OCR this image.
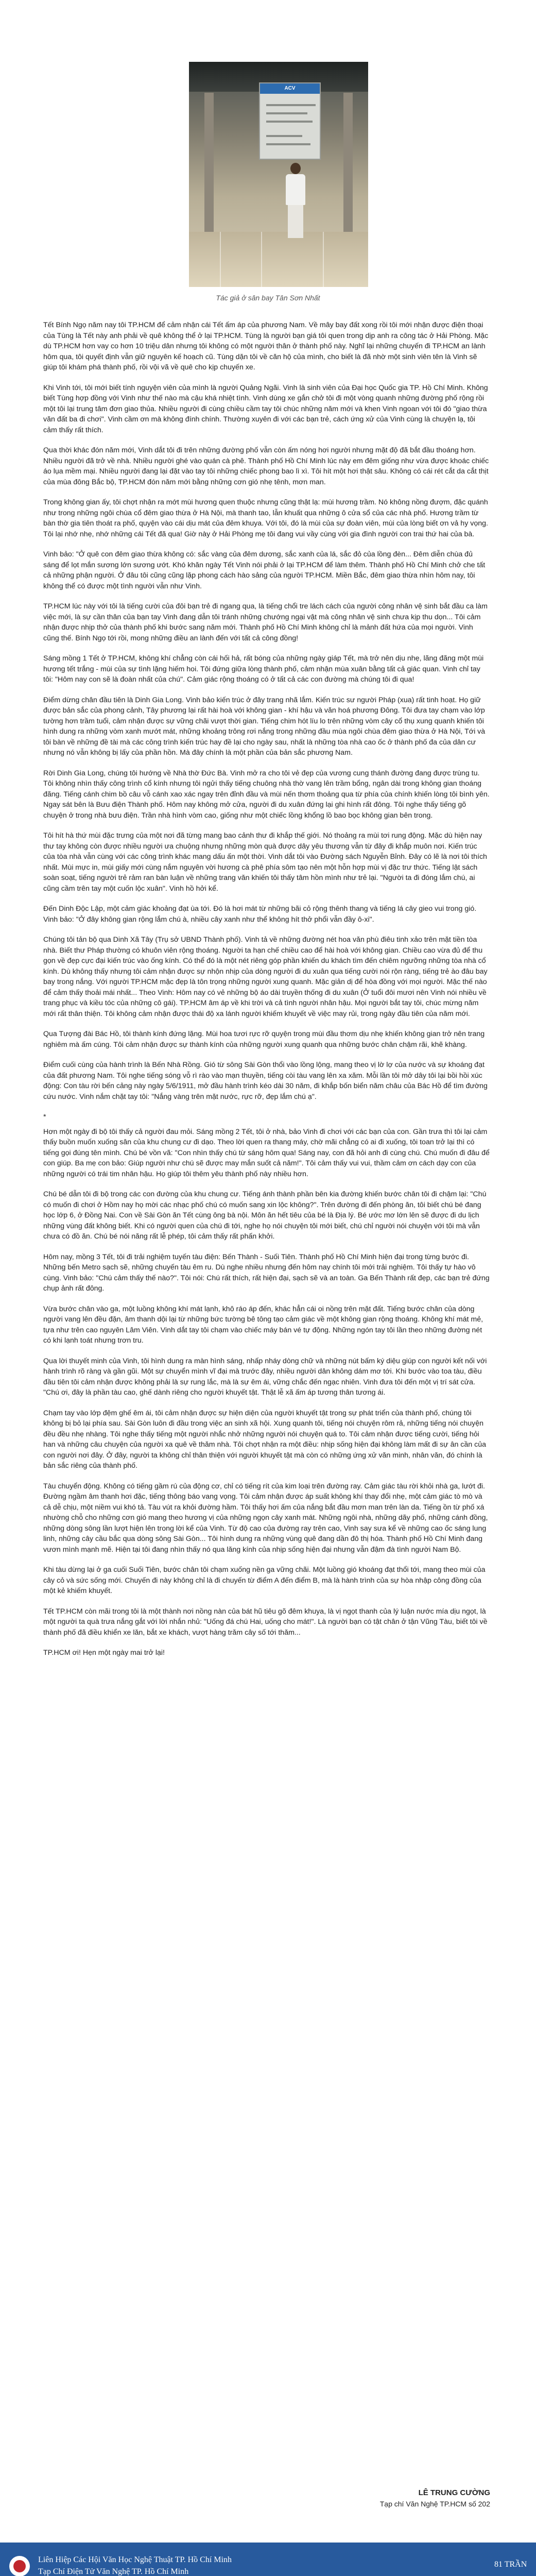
ACV
Tác giả ở sân bay Tân Sơn Nhất

Tết Bính Ngọ năm nay tôi TP.HCM để cảm nhận cái Tết ấm áp của phương Nam. Về mây bay đất xong rồi tôi mới nhận được điện thoại của Tùng là Tết này anh phải về quê không thể ở lại TP.HCM. Tùng là người bạn giá tôi quen trong dịp anh ra công tác ở Hải Phòng. Mặc dù TP.HCM hơn vay co hơn 10 triệu dân nhưng tôi không có một người thân ở thành phố này. Nghĩ lại những chuyến đi TP.HCM an lành hôm qua, tôi quyết định vẫn giữ nguyên kế hoạch cũ. Tùng dặn tôi về căn hộ của mình, cho biết là đã nhờ một sinh viên tên là Vinh sẽ giúp tôi khám phá thành phố, rồi vội vã về quê cho kịp chuyến xe.

Khi Vinh tới, tôi mới biết tính nguyện viên của mình là người Quảng Ngãi. Vinh là sinh viên của Đại học Quốc gia TP. Hồ Chí Minh. Không biết Tùng hợp đồng với Vinh như thế nào mà cậu khá nhiệt tình. Vinh dùng xe gắn chở tôi đi một vòng quanh những đường phố rộng rồi một tôi lại trung tâm đơn giao thủa. Nhiều người đi cùng chiều cầm tay tôi chúc những năm mới và khen Vinh ngoan với tôi đó "giao thừa văn đất ba đi chơi". Vinh cầm ơn mà không đính chính. Thường xuyên đi với các bạn trẻ, cách ứng xử của Vinh cùng là chuyện lạ, tôi cảm thấy rất thích.

Qua thời khác đón năm mới, Vinh dắt tôi đi trên những đường phố vẫn còn ấm nóng hơi người nhưng mặt độ đã bắt đầu thoáng hơn. Nhiều người đã trở về nhà. Nhiều người ghé vào quán cà phê. Thành phố Hồ Chí Minh lúc này em đêm giống như vừa được khoác chiếc áo lụa mềm mại. Nhiều người đang lại đặt vào tay tôi những chiếc phong bao lì xì. Tôi hít một hơi thật sâu. Không có cái rét cắt da cắt thịt của mùa đông Bắc bộ, TP.HCM đón năm mới bằng những cơn gió nhẹ tênh, mơn man.

Trong không gian ấy, tôi chợt nhận ra mớt mùi hương quen thuộc nhưng cũng thật lạ: mùi hương trầm. Nó không nồng đượm, đặc quánh như trong những ngôi chùa cổ đêm giao thừa ở Hà Nội, mà thanh tao, lẫn khuất qua những ô cửa sổ của các nhà phố. Hương trầm từ bàn thờ gia tiên thoát ra phố, quyện vào cái dịu mát của đêm khuya. Với tôi, đó là mùi của sự đoàn viên, mùi của lòng biết ơn vả hy vọng. Tôi lại nhớ nhẹ, nhớ những cái Tết đã qua! Giờ này ở Hải Phòng mẹ tôi đang vui vầy cùng với gia đình người con trai thứ hai của bà.

Vinh bảo: "Ở quê con đêm giao thừa không có: sắc vàng của đêm dương, sắc xanh của lá, sắc đỏ của lồng đèn... Đêm diễn chùa đủ sáng để lọt mắn sương lớn sương ướt. Khó khăn ngày Tết Vinh nói phải ở lại TP.HCM để làm thêm. Thành phố Hồ Chí Minh chở che tất cả những phận người. Ở đâu tôi cũng cũng lặp phong cách hào sảng của người TP.HCM. Miền Bắc, đêm giao thừa nhìn hôm nay, tôi không thể có được một tình người vẫn như Vinh.

TP.HCM lúc này với tôi là tiếng cười của đôi bạn trẻ đi ngang qua, là tiếng chổi tre lách cách của người công nhân vệ sinh bắt đầu ca làm việc mới, là sự cần thân của bạn tay Vinh đang dẫn tôi tránh những chướng ngại vật mà công nhân vệ sinh chưa kịp thu dọn... Tôi cảm nhận được nhịp thở của thành phố khi bước sang năm mới. Thành phố Hồ Chí Minh không chỉ là mảnh đất hứa của mọi người. Vinh cũng thế. Bính Ngọ tới rồi, mong những điều an lành đến với tất cả công đồng!

Sáng mồng 1 Tết ở TP.HCM, không khí chẳng còn cái hối hả, rất bóng của những ngày giáp Tết, mà trở nên dịu nhẹ, lãng đãng một mùi hương tết trắng - mùi của sự tình lặng hiếm hoi. Tôi đứng giữa lòng thành phố, cảm nhận mùa xuân bằng tất cả giác quan. Vinh chỉ tay tôi: "Hôm nay con sẽ là đoàn nhất của chú". Cảm giác rộng thoáng có ở tất cả các con đường mà chúng tôi đi qua!

Điểm dừng chân đầu tiên là Dinh Gia Long. Vinh bảo kiến trúc ở đây trang nhã lắm. Kiến trúc sư người Pháp (xua) rất tinh hoạt. Họ giữ được bản sắc của phong cảnh, Tây phương lại rất hài hoà với không gian - khí hậu và văn hoá phương Đông. Tôi đưa tay chạm vào lớp tường hơn trầm tuổi, cảm nhận được sự vững chãi vượt thời gian. Tiếng chim hót líu lo trên những vòm cây cổ thụ xung quanh khiến tôi hình dung ra những vòm xanh mướt mát, những khoảng trông rơi nắng trong những đầu mùa ngôi chùa đêm giao thừa ở Hà Nội, Tới và tôi bàn về những đề tài mà các công trình kiến trúc hay đề lại cho ngày sau, nhất là những tòa nhà cao ốc ở thành phố đa của dân cư nhưng nó vẫn không bị lấy của phần hồn. Mà đây chính là một phần của bản sắc phương Nam.

Rời Dinh Gia Long, chúng tôi hướng về Nhà thờ Đức Bà. Vinh mở ra cho tôi vẻ đẹp của vương cung thánh đường đang được trùng tu. Tôi không nhìn thấy công trình cổ kính nhưng tôi ngửi thấy tiếng chuông nhà thờ vang lên trầm bổng, ngân dài trong không gian thoáng đãng. Tiếng cánh chim bồ câu vỗ cánh xao xác ngay trên đỉnh đầu và mùi nến thơm thoảng qua từ phía của chính khiến lòng tôi bình yên. Ngay sát bên là Bưu điện Thành phố. Hôm nay không mở cửa, người đi du xuân đứng lại ghi hình rất đông. Tôi nghe thấy tiếng gõ chuyện ở trong nhà bưu điện. Trần nhà hình vòm cao, giống như một chiếc lồng khổng lồ bao bọc không gian bên trong.

Tôi hít hà thứ mùi đặc trưng của một nơi đã từng mang bao cảnh thư đi khắp thế giới. Nó thoảng ra mùi tơi rung động. Mặc dù hiện nay thư tay không còn được nhiều người ưa chuộng nhưng những mòn quà được dây yêu thương vẫn từ đây đi khắp muôn nơi. Kiến trúc của tòa nhà vẫn cùng với các công trình khác mang dấu ấn một thời. Vinh dắt tôi vào Đường sách Nguyễn Bỉnh. Đây có lẽ là nơi tôi thích nhất. Mùi mực in, mùi giấy mới cùng nắm nguyên vời hương cà phê phía sôm tạo nên một hỗn hợp mùi vị đặc trư thức. Tiếng lật sách soàn soạt, tiếng người trẻ rảm ran bàn luận về những trang văn khiến tôi thấy tâm hồn mình như trẻ lại. "Người ta đi đóng lắm chú, ai cũng cầm trên tay một cuốn lộc xuân". Vinh hồ hởi kể.

Đến Dinh Độc Lập, một cảm giác khoảng đạt ùa tới. Đó là hơi mát từ những bãi cỏ rộng thênh thang và tiếng lá cây gieo vui trong gió. Vinh bảo: "Ở đây không gian rộng lắm chú à, nhiều cây xanh như thể không hít thở phổi vẫn đầy ô-xi".

Chúng tôi tản bộ qua Dinh Xã Tây (Trụ sở UBND Thành phố). Vinh tả về những đường nét hoa văn phù điêu tinh xảo trên mặt tiền tòa nhà. Biết thư Pháp thường có khuôn viên rộng thoáng. Người ta hạn chế chiều cao để hài hoà với không gian. Chiều cao vừa đủ để thu gọn về đẹp cực đại kiến trúc vào ống kính. Có thể đó là một nét riêng góp phần khiến du khách tìm đến chiêm ngưỡng những tòa nhà cổ kính. Dù không thấy nhưng tôi cảm nhận được sự nhộn nhịp của dòng người đi du xuân qua tiếng cười nói rộn ràng, tiếng trẻ ào đâu bay bay trong nắng. Với người TP.HCM mặc đẹp là tôn trọng những người xung quanh. Mặc giản dị để hòa đồng với mọi người. Mặc thế nào để cảm thấy thoải mái nhất... Theo Vinh: Hôm nay có vẻ những bộ áo dài truyền thống đi du xuân (Ở tuổi đôi mươi nên Vinh nói nhiều về trang phục và kiều tóc của những cô gái). TP.HCM âm áp về khi trời và cả tình người nhân hậu. Mọi người bắt tay tôi, chúc mừng năm mới rất thân thiện. Tôi không cảm nhận được thái độ xa lánh người khiếm khuyết về việc may rủi, trong ngày đầu tiên của năm mới.

Qua Tượng đài Bác Hồ, tôi thành kính đứng lặng. Mùi hoa tươi rực rỡ quyện trong mùi đầu thơm dịu nhẹ khiến không gian trở nên trang nghiêm mà ấm cúng. Tôi cảm nhận được sự thành kính của những người xung quanh qua những bước chân chậm rãi, khẽ khàng.

Điểm cuối cùng của hành trình là Bến Nhà Rồng. Gió từ sông Sài Gòn thổi vào lồng lộng, mang theo vị lờ lợ của nước và sự khoáng đạt của đất phương Nam. Tôi nghe tiếng sóng vỗ rì rào vào mạn thuyền, tiếng còi tàu vang lên xa xăm. Mỗi lần tôi mở dây tôi lại bồi hồi xúc động: Con tàu rời bến cảng này ngày 5/6/1911, mở đầu hành trình kéo dài 30 năm, đi khắp bốn biển năm châu của Bác Hồ để tìm đường cứu nước. Vinh nắm chặt tay tôi: "Nắng vàng trên mặt nước, rực rỡ, đẹp lắm chú ạ".

*

Hơn một ngày đi bộ tôi thấy cả người đau mỏi. Sáng mồng 2 Tết, tôi ở nhà, bảo Vinh đi chơi với các bạn của con. Gần trưa thì tôi lại cảm thấy buồn muốn xuống sân của khu chung cư đi dạo. Theo lời quen ra thang máy, chờ mãi chẳng có ai đi xuống, tôi toan trở lại thì có tiếng gọi đúng tên mình. Chú bé vồn vã: "Con nhìn thấy chú từ sáng hôm qua! Sáng nay, con đã hỏi anh đi cùng chú. Chú muốn đi đâu để con giúp. Ba mẹ con bảo: Giúp người như chú sẽ được may mắn suốt cả năm!". Tôi cảm thấy vui vui, thầm cảm ơn cách dạy con của những người có trái tim nhân hậu. Họ giúp tôi thêm yêu thành phố này nhiều hơn.

Chú bé dẫn tôi đi bộ trong các con đường của khu chung cư. Tiếng ánh thành phần bên kia đường khiến bước chân tôi đi chậm lại: "Chú có muốn đi chơi ở Hồm nay họ mời các nhạc phố chú có muốn sang xin lộc không?". Trên đường đi đến phòng ăn, tôi biết chú bé đang học lớp 6, ở Đồng Nai. Con về Sài Gòn ăn Tết cùng ông bà nội. Môn ăn hết tiêu của bé là Địa lý. Bé ước mơ lớn lên sẽ được đi du lịch những vùng đất không biết. Khi có người quen của chú đi tới, nghe họ nói chuyện tôi mới biết, chú chỉ người nói chuyện với tôi mà vẫn chưa có đồ ăn. Chú bé nói năng rất lễ phép, tôi cảm thấy rất phấn khởi.

Hôm nay, mồng 3 Tết, tôi đi trải nghiệm tuyến tàu điện: Bến Thành - Suối Tiên. Thành phố Hồ Chí Minh hiện đại trong từng bước đi. Những bến Metro sạch sẽ, những chuyến tàu êm ru. Dù nghe nhiều nhưng đến hôm nay chính tôi mới trải nghiệm. Tôi thấy tự hào vô cùng. Vinh bảo: "Chú cảm thấy thế nào?". Tôi nói: Chú rất thích, rất hiện đại, sạch sẽ và an toàn. Ga Bến Thành rất đẹp, các bạn trẻ đứng chụp ảnh rất đông.

Vừa bước chân vào ga, một luồng không khí mát lạnh, khô ráo áp đến, khác hẳn cái oi nồng trên mặt đất. Tiếng bước chân của dòng người vang lên đều đặn, âm thanh dội lại từ những bức tường bê tông tạo cảm giác về một không gian rộng thoáng. Không khí mát mẻ, tựa như trên cao nguyên Lâm Viên. Vinh dắt tay tôi chạm vào chiếc máy bán vé tự động. Những ngón tay tôi lần theo những đường nét có khi lạnh toát nhưng trơn tru.

Qua lời thuyết minh của Vinh, tôi hình dung ra màn hình sáng, nhấp nháy dòng chữ và những nút bấm ký diệu giúp con người kết nối với hành trình rõ ràng và gần gũi. Một sự chuyển mình vĩ đại mà trước đây, nhiều người dân không dám mơ tới. Khi bước vào toa tàu, điều đầu tiên tôi cảm nhận được không phải là sự rung lắc, mà là sự êm ái, vững chắc đến ngạc nhiên. Vinh đưa tôi đến một vị trí sát cửa. "Chú ơi, đây là phần tàu cao, ghế dành riêng cho người khuyết tật. Thật lễ xã ấm áp tương thân tương ái.

Chạm tay vào lớp đệm ghế êm ái, tôi cảm nhận được sự hiện diện của người khuyết tật trong sự phát triển của thành phố, chúng tôi không bị bỏ lại phía sau. Sài Gòn luôn đi đầu trong việc an sinh xã hội. Xung quanh tôi, tiếng nói chuyện rôm rả, những tiếng nói chuyện đều đều nhẹ nhàng. Tôi nghe thấy tiếng một người nhắc nhở những người nói chuyện quá to. Tôi cảm nhận được tiếng cười, tiếng hỏi han và những câu chuyện của người xa quê về thăm nhà. Tôi chợt nhận ra một điều: nhịp sống hiện đại không làm mất đi sự ân cần của con người nơi đây. Ở đây, người ta không chỉ thân thiện với người khuyết tật mà còn có những ứng xử văn minh, nhân văn, đó chính là bản sắc riêng của thành phố.

Tàu chuyển động. Không có tiếng gầm rú của động cơ, chỉ có tiếng rít của kim loại trên đường ray. Cảm giác tàu rời khỏi nhà ga, lướt đi. Đường ngầm âm thanh hơi đặc, tiếng thông báo vang vọng. Tôi cảm nhận được áp suất không khí thay đổi nhẹ, một cảm giác tò mò và cả dễ chịu, một niềm vui khó tả. Tàu vút ra khỏi đường hầm. Tôi thấy hơi ấm của nắng bắt đầu mơn man trên làn da. Tiếng ồn từ phố xá nhường chỗ cho những cơn gió mang theo hương vị của những ngọn cây xanh mát. Những ngôi nhà, những dãy phố, những cánh đồng, những dòng sông lần lượt hiện lên trong lời kể của Vinh. Từ độ cao của đường ray trên cao, Vinh say sưa kể về những cao ốc sáng lung linh, những cây cầu bắc qua dòng sông Sài Gòn... Tôi hình dung ra những vùng quê đang dần đô thị hóa. Thành phố Hồ Chí Minh đang vươn mình mạnh mẽ. Hiện tại tôi đang nhìn thấy nó qua lăng kính của nhịp sống hiện đại nhưng vẫn đậm đà tình người Nam Bộ.

Khi tàu dừng lại ở ga cuối Suối Tiên, bước chân tôi chạm xuống nền ga vững chãi. Một luồng gió khoáng đạt thổi tới, mang theo mùi của cây cỏ và sức sống mới. Chuyến đi này không chỉ là đi chuyến từ điểm A đến điểm B, mà là hành trình của sự hòa nhập công đồng của một kẻ khiếm khuyết.

Tết TP.HCM còn mãi trong tôi là một thành nơi nồng nàn của bát hũ tiêu gõ đêm khuya, là vị ngọt thanh của lý luận nước mía dịu ngọt, là một người ta quà trưa nắng gắt với lời nhắn nhủ: "Uống đá chú Hai, uống cho mát!". Là người bạn có tật chân ở tận Vũng Tàu, biết tôi về thành phố đã điều khiển xe lăn, bắt xe khách, vượt hàng trăm cây số tới thăm...

TP.HCM ơi! Hẹn một ngày mai trở lại!

LÊ TRUNG CƯỜNG
Tạp chí Văn Nghệ TP.HCM số 202
Liên Hiệp Các Hội Văn Học Nghệ Thuật TP. Hồ Chí Minh
Tạp Chí Điện Tử Văn Nghệ TP. Hồ Chí Minh
81 TRẦN
